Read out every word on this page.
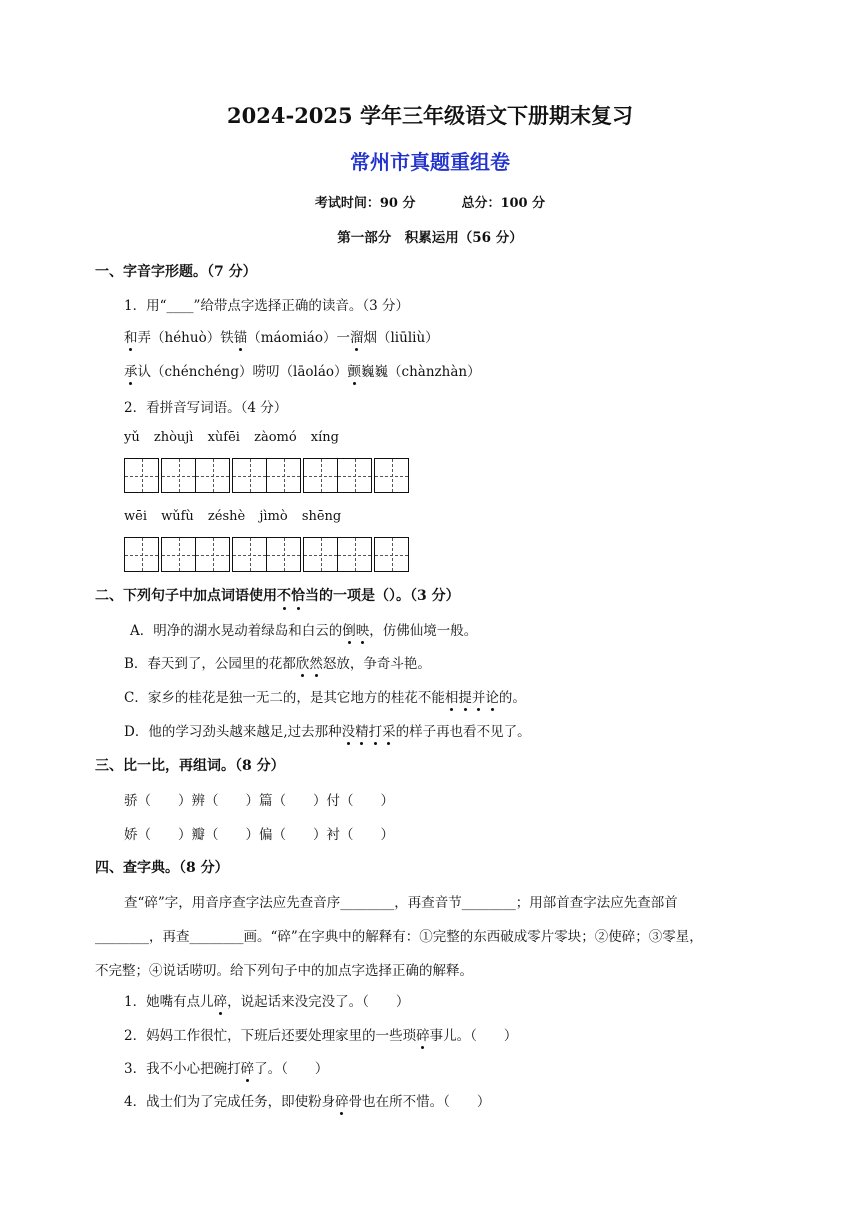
2024-2025 学年三年级语文下册期末复习
常州市真题重组卷
考试时间：90 分	总分：100 分
第一部分　积累运用（56 分）
一、字音字形题。（7 分）
1．用“____”给带点字选择正确的读音。（3 分）
和弄（héhuò）铁锚（máomiáo）一溜烟（liūliù）
承认（chénchéng）唠叨（lāoláo）颤巍巍（chànzhàn）
2．看拼音写词语。（4 分）
yǔ zhòujì xùfēi zàomó xíng
wēi wǔfù zéshè jìmò shēng
二、下列句子中加点词语使用不恰当的一项是（）。（3 分）
A．明净的湖水晃动着绿岛和白云的倒映，仿佛仙境一般。
B．春天到了，公园里的花都欣然怒放，争奇斗艳。
C．家乡的桂花是独一无二的，是其它地方的桂花不能相提并论的。
D．他的学习劲头越来越足,过去那种没精打采的样子再也看不见了。
三、比一比，再组词。（8 分）
骄（　　）辨（　　）篇（　　）付（　　）
娇（　　）瓣（　　）偏（　　）衬（　　）
四、查字典。（8 分）
查“碎”字，用音序查字法应先查音序________，再查音节________；用部首查字法应先查部首
________，再查________画。“碎”在字典中的解释有：①完整的东西破成零片零块；②使碎；③零星，
不完整；④说话唠叨。给下列句子中的加点字选择正确的解释。
1．她嘴有点儿碎，说起话来没完没了。（　　）
2．妈妈工作很忙，下班后还要处理家里的一些琐碎事儿。（　　）
3．我不小心把碗打碎了。（　　）
4．战士们为了完成任务，即使粉身碎骨也在所不惜。（　　）
